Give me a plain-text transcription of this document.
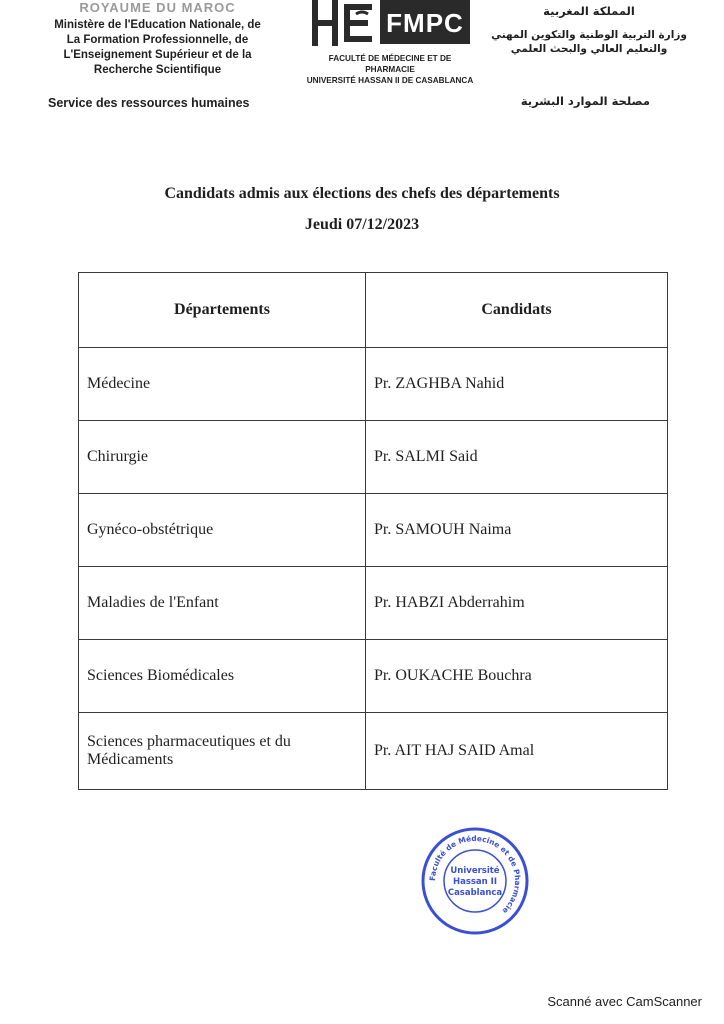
ROYAUME DU MAROC
Ministère de l'Education Nationale, de
La Formation Professionnelle, de
L'Enseignement Supérieur et de la
Recherche Scientifique
Service des ressources humaines
FMPC
FACULTÉ DE MÉDECINE ET DE PHARMACIE
UNIVERSITÉ HASSAN II DE CASABLANCA
المملكة المغربية
وزارة التربية الوطنية والتكوين المهني
والتعليم العالي والبحث العلمي
مصلحة الموارد البشرية
Candidats admis aux élections des chefs des départements
Jeudi 07/12/2023
Départements	Candidats
Médecine	Pr. ZAGHBA Nahid
Chirurgie	Pr. SALMI Said
Gynéco-obstétrique	Pr. SAMOUH Naima
Maladies de l'Enfant	Pr. HABZI Abderrahim
Sciences Biomédicales	Pr. OUKACHE Bouchra
Sciences pharmaceutiques et du Médicaments	Pr. AIT HAJ SAID Amal
Faculté de Médecine et de Pharmacie
Université
Hassan II
Casablanca
Scanné avec CamScanner
